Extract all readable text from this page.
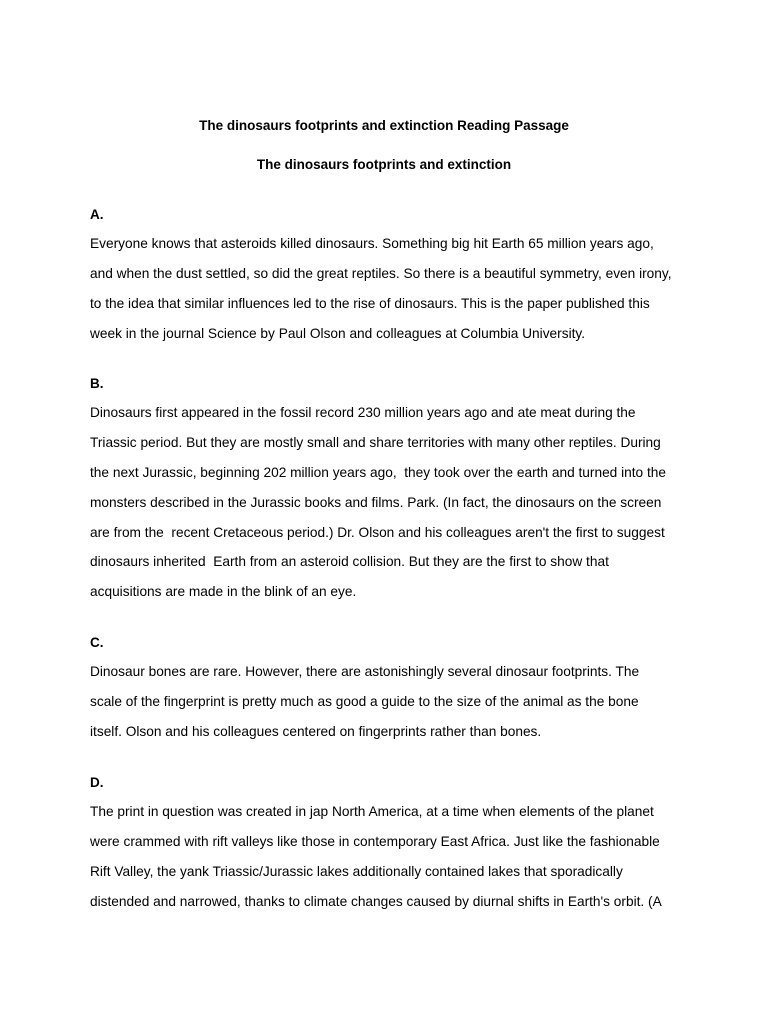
The dinosaurs footprints and extinction Reading Passage
The dinosaurs footprints and extinction
A.
Everyone knows that asteroids killed dinosaurs. Something big hit Earth 65 million years ago,
and when the dust settled, so did the great reptiles. So there is a beautiful symmetry, even irony,
to the idea that similar influences led to the rise of dinosaurs. This is the paper published this
week in the journal Science by Paul Olson and colleagues at Columbia University.
B.
Dinosaurs first appeared in the fossil record 230 million years ago and ate meat during the
Triassic period. But they are mostly small and share territories with many other reptiles. During
the next Jurassic, beginning 202 million years ago,  they took over the earth and turned into the
monsters described in the Jurassic books and films. Park. (In fact, the dinosaurs on the screen
are from the  recent Cretaceous period.) Dr. Olson and his colleagues aren't the first to suggest
dinosaurs inherited  Earth from an asteroid collision. But they are the first to show that
acquisitions are made in the blink of an eye.
C.
Dinosaur bones are rare. However, there are astonishingly several dinosaur footprints. The
scale of the fingerprint is pretty much as good a guide to the size of the animal as the bone
itself. Olson and his colleagues centered on fingerprints rather than bones.
D.
The print in question was created in jap North America, at a time when elements of the planet
were crammed with rift valleys like those in contemporary East Africa. Just like the fashionable
Rift Valley, the yank Triassic/Jurassic lakes additionally contained lakes that sporadically
distended and narrowed, thanks to climate changes caused by diurnal shifts in Earth's orbit. (A
